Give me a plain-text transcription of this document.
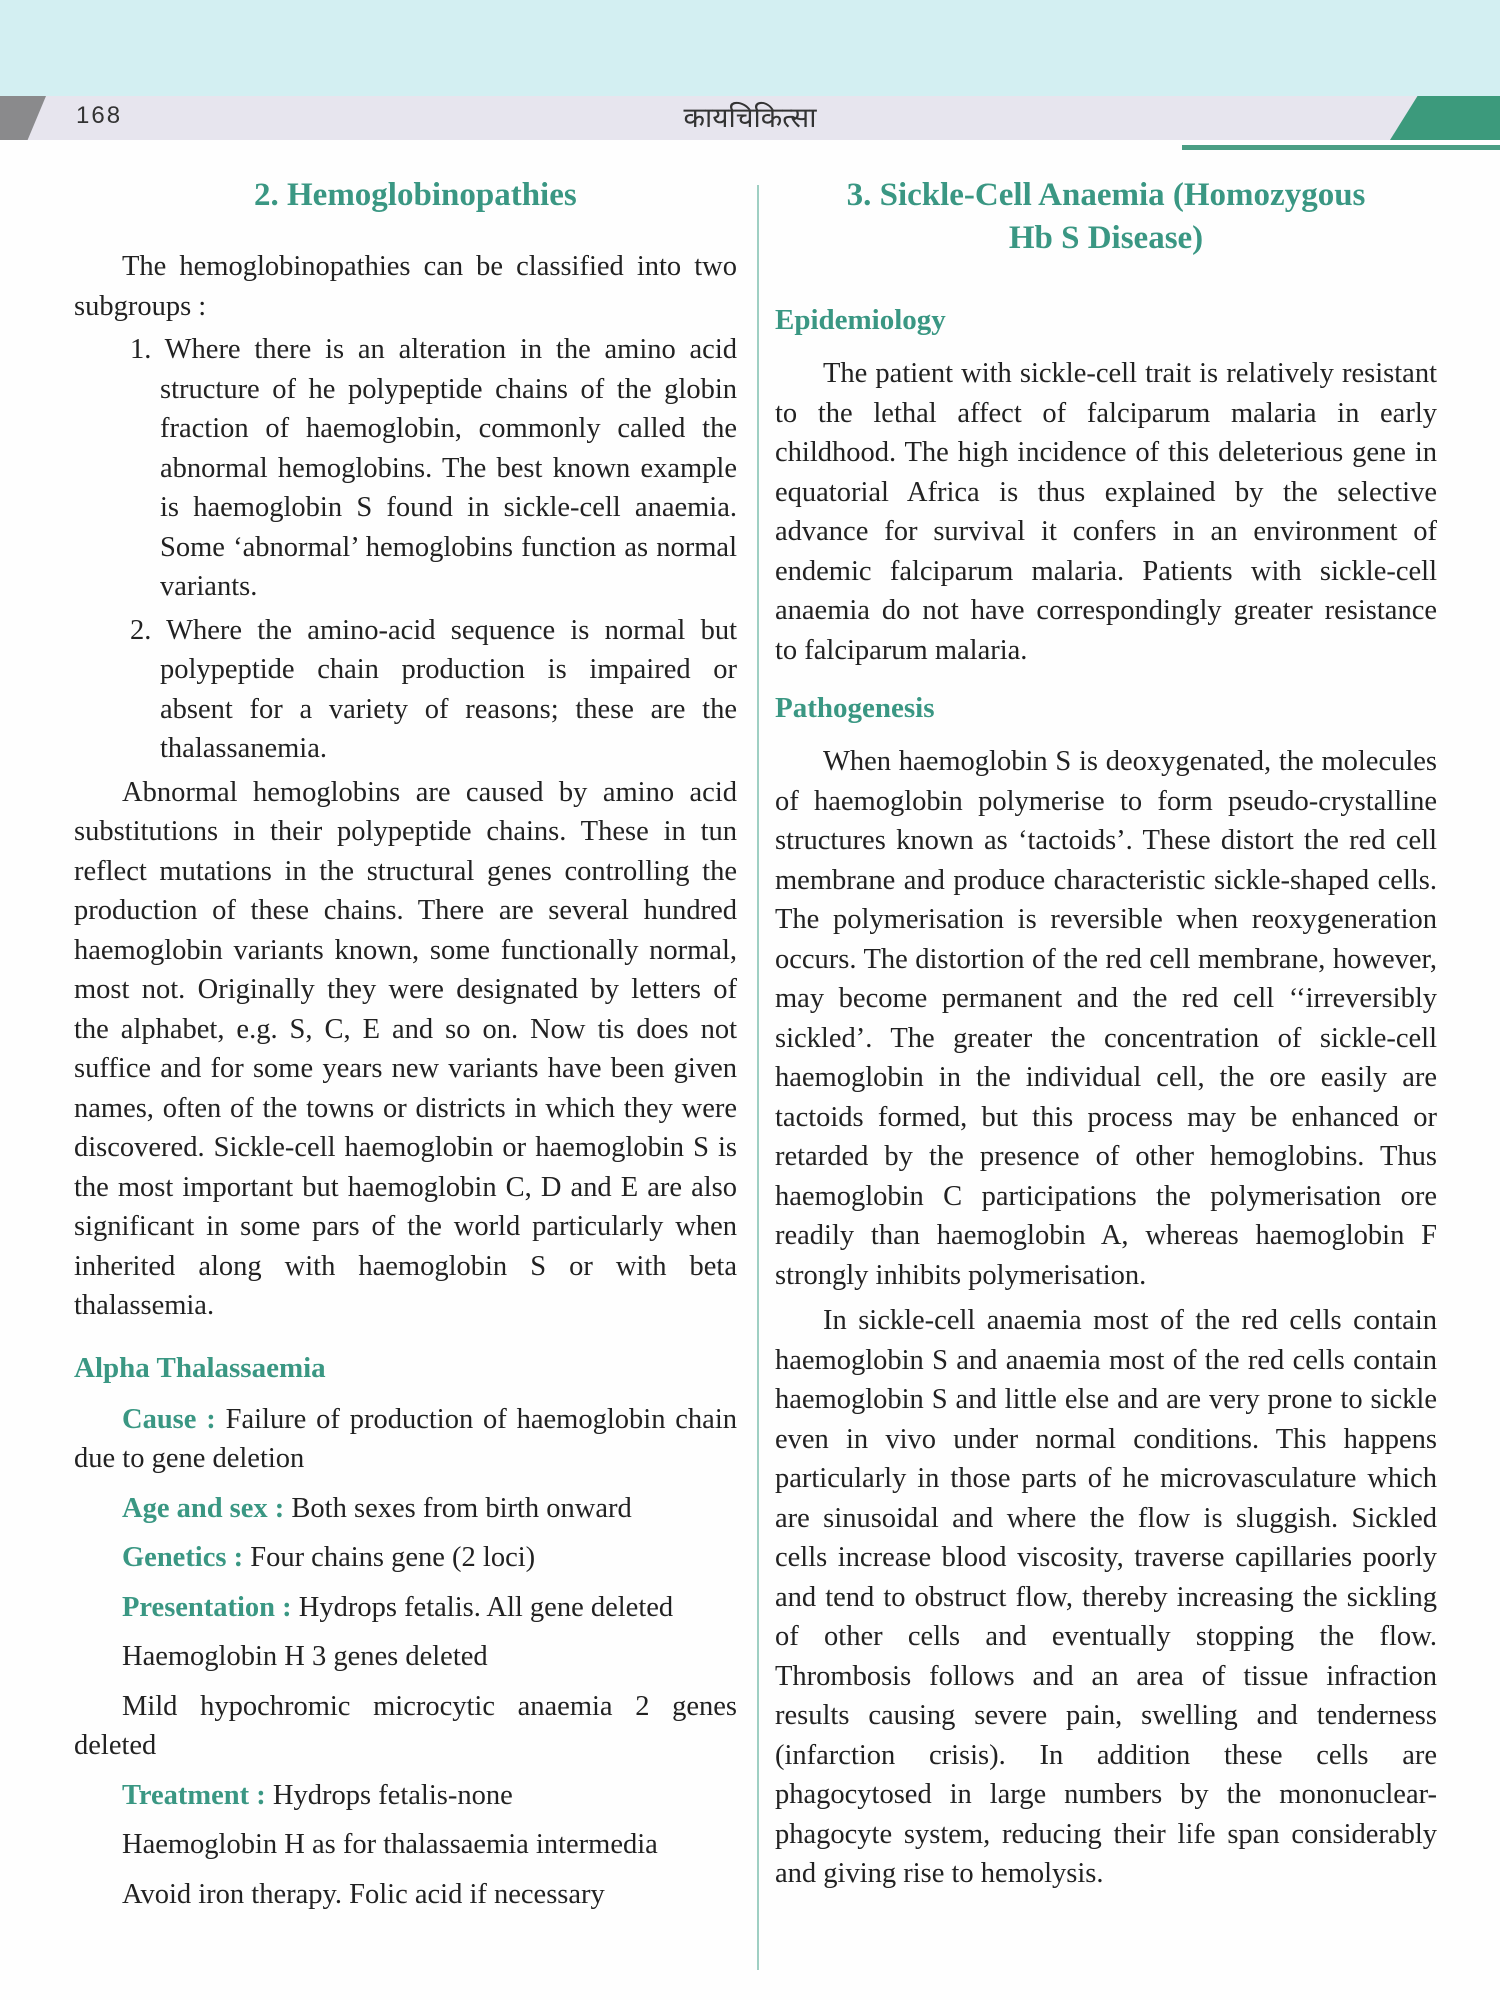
168	कायचिकित्सा
2. Hemoglobinopathies

The hemoglobinopathies can be classified into two subgroups :

1. Where there is an alteration in the amino acid structure of he polypeptide chains of the globin fraction of haemoglobin, commonly called the abnormal hemoglobins. The best known example is haemoglobin S found in sickle-cell anaemia. Some ‘abnormal’ hemoglobins function as normal variants.

2. Where the amino-acid sequence is normal but polypeptide chain production is impaired or absent for a variety of reasons; these are the thalassanemia.

Abnormal hemoglobins are caused by amino acid substitutions in their polypeptide chains. These in tun reflect mutations in the structural genes controlling the production of these chains. There are several hundred haemoglobin variants known, some functionally normal, most not. Originally they were designated by letters of the alphabet, e.g. S, C, E and so on. Now tis does not suffice and for some years new variants have been given names, often of the towns or districts in which they were discovered. Sickle-cell haemoglobin or haemoglobin S is the most important but haemoglobin C, D and E are also significant in some pars of the world particularly when inherited along with haemoglobin S or with beta thalassemia.

Alpha Thalassaemia

Cause : Failure of production of haemoglobin chain due to gene deletion

Age and sex : Both sexes from birth onward

Genetics : Four chains gene (2 loci)

Presentation : Hydrops fetalis. All gene deleted

Haemoglobin H 3 genes deleted

Mild hypochromic microcytic anaemia 2 genes deleted

Treatment : Hydrops fetalis-none

Haemoglobin H as for thalassaemia intermedia

Avoid iron therapy. Folic acid if necessary

3. Sickle-Cell Anaemia (Homozygous
Hb S Disease)
Epidemiology

The patient with sickle-cell trait is relatively resistant to the lethal affect of falciparum malaria in early childhood. The high incidence of this deleterious gene in equatorial Africa is thus explained by the selective advance for survival it confers in an environment of endemic falciparum malaria. Patients with sickle-cell anaemia do not have correspondingly greater resistance to falciparum malaria.

Pathogenesis

When haemoglobin S is deoxygenated, the molecules of haemoglobin polymerise to form pseudo-crystalline structures known as ‘tactoids’. These distort the red cell membrane and produce characteristic sickle-shaped cells. The polymerisation is reversible when reoxygeneration occurs. The distortion of the red cell membrane, however, may become permanent and the red cell ‘‘irreversibly sickled’. The greater the concentration of sickle-cell haemoglobin in the individual cell, the ore easily are tactoids formed, but this process may be enhanced or retarded by the presence of other hemoglobins. Thus haemoglobin C participations the polymerisation ore readily than haemoglobin A, whereas haemoglobin F strongly inhibits polymerisation.

In sickle-cell anaemia most of the red cells contain haemoglobin S and anaemia most of the red cells contain haemoglobin S and little else and are very prone to sickle even in vivo under normal conditions. This happens particularly in those parts of he microvasculature which are sinusoidal and where the flow is sluggish. Sickled cells increase blood viscosity, traverse capillaries poorly and tend to obstruct flow, thereby increasing the sickling of other cells and eventually stopping the flow. Thrombosis follows and an area of tissue infraction results causing severe pain, swelling and tenderness (infarction crisis). In addition these cells are phagocytosed in large numbers by the mononuclear-phagocyte system, reducing their life span considerably and giving rise to hemolysis.
